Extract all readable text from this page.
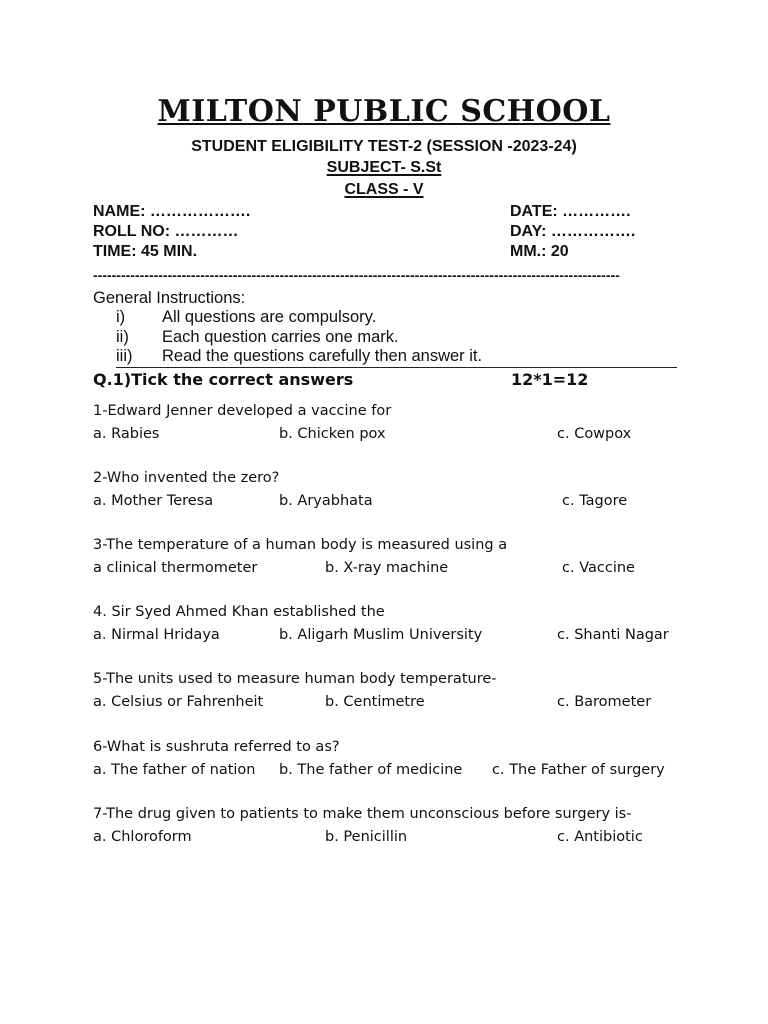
MILTON PUBLIC SCHOOL
STUDENT ELIGIBILITY TEST-2 (SESSION -2023-24)
SUBJECT- S.St
CLASS - V
NAME: ……………….	DATE: ………….
ROLL NO: …………	DAY: …………….
TIME: 45 MIN.	MM.: 20
-----------------------------------------------------------------------------------------------------------------
General Instructions:
i) All questions are compulsory.
ii) Each question carries one mark.
iii) Read the questions carefully then answer it.
Q.1)Tick the correct answers	12*1=12
1-Edward Jenner developed a vaccine for
a. Rabies	b. Chicken pox	c. Cowpox
2-Who invented the zero?
a. Mother Teresa	b. Aryabhata	c. Tagore
3-The temperature of a human body is measured using a
a clinical thermometer	b. X-ray machine	c. Vaccine
4. Sir Syed Ahmed Khan established the
a. Nirmal Hridaya	b. Aligarh Muslim University	c. Shanti Nagar
5-The units used to measure human body temperature-
a. Celsius or Fahrenheit	b. Centimetre	c. Barometer
6-What is sushruta referred to as?
a. The father of nation b. The father of medicine c. The Father of surgery
7-The drug given to patients to make them unconscious before surgery is-
a. Chloroform	b. Penicillin	c. Antibiotic
